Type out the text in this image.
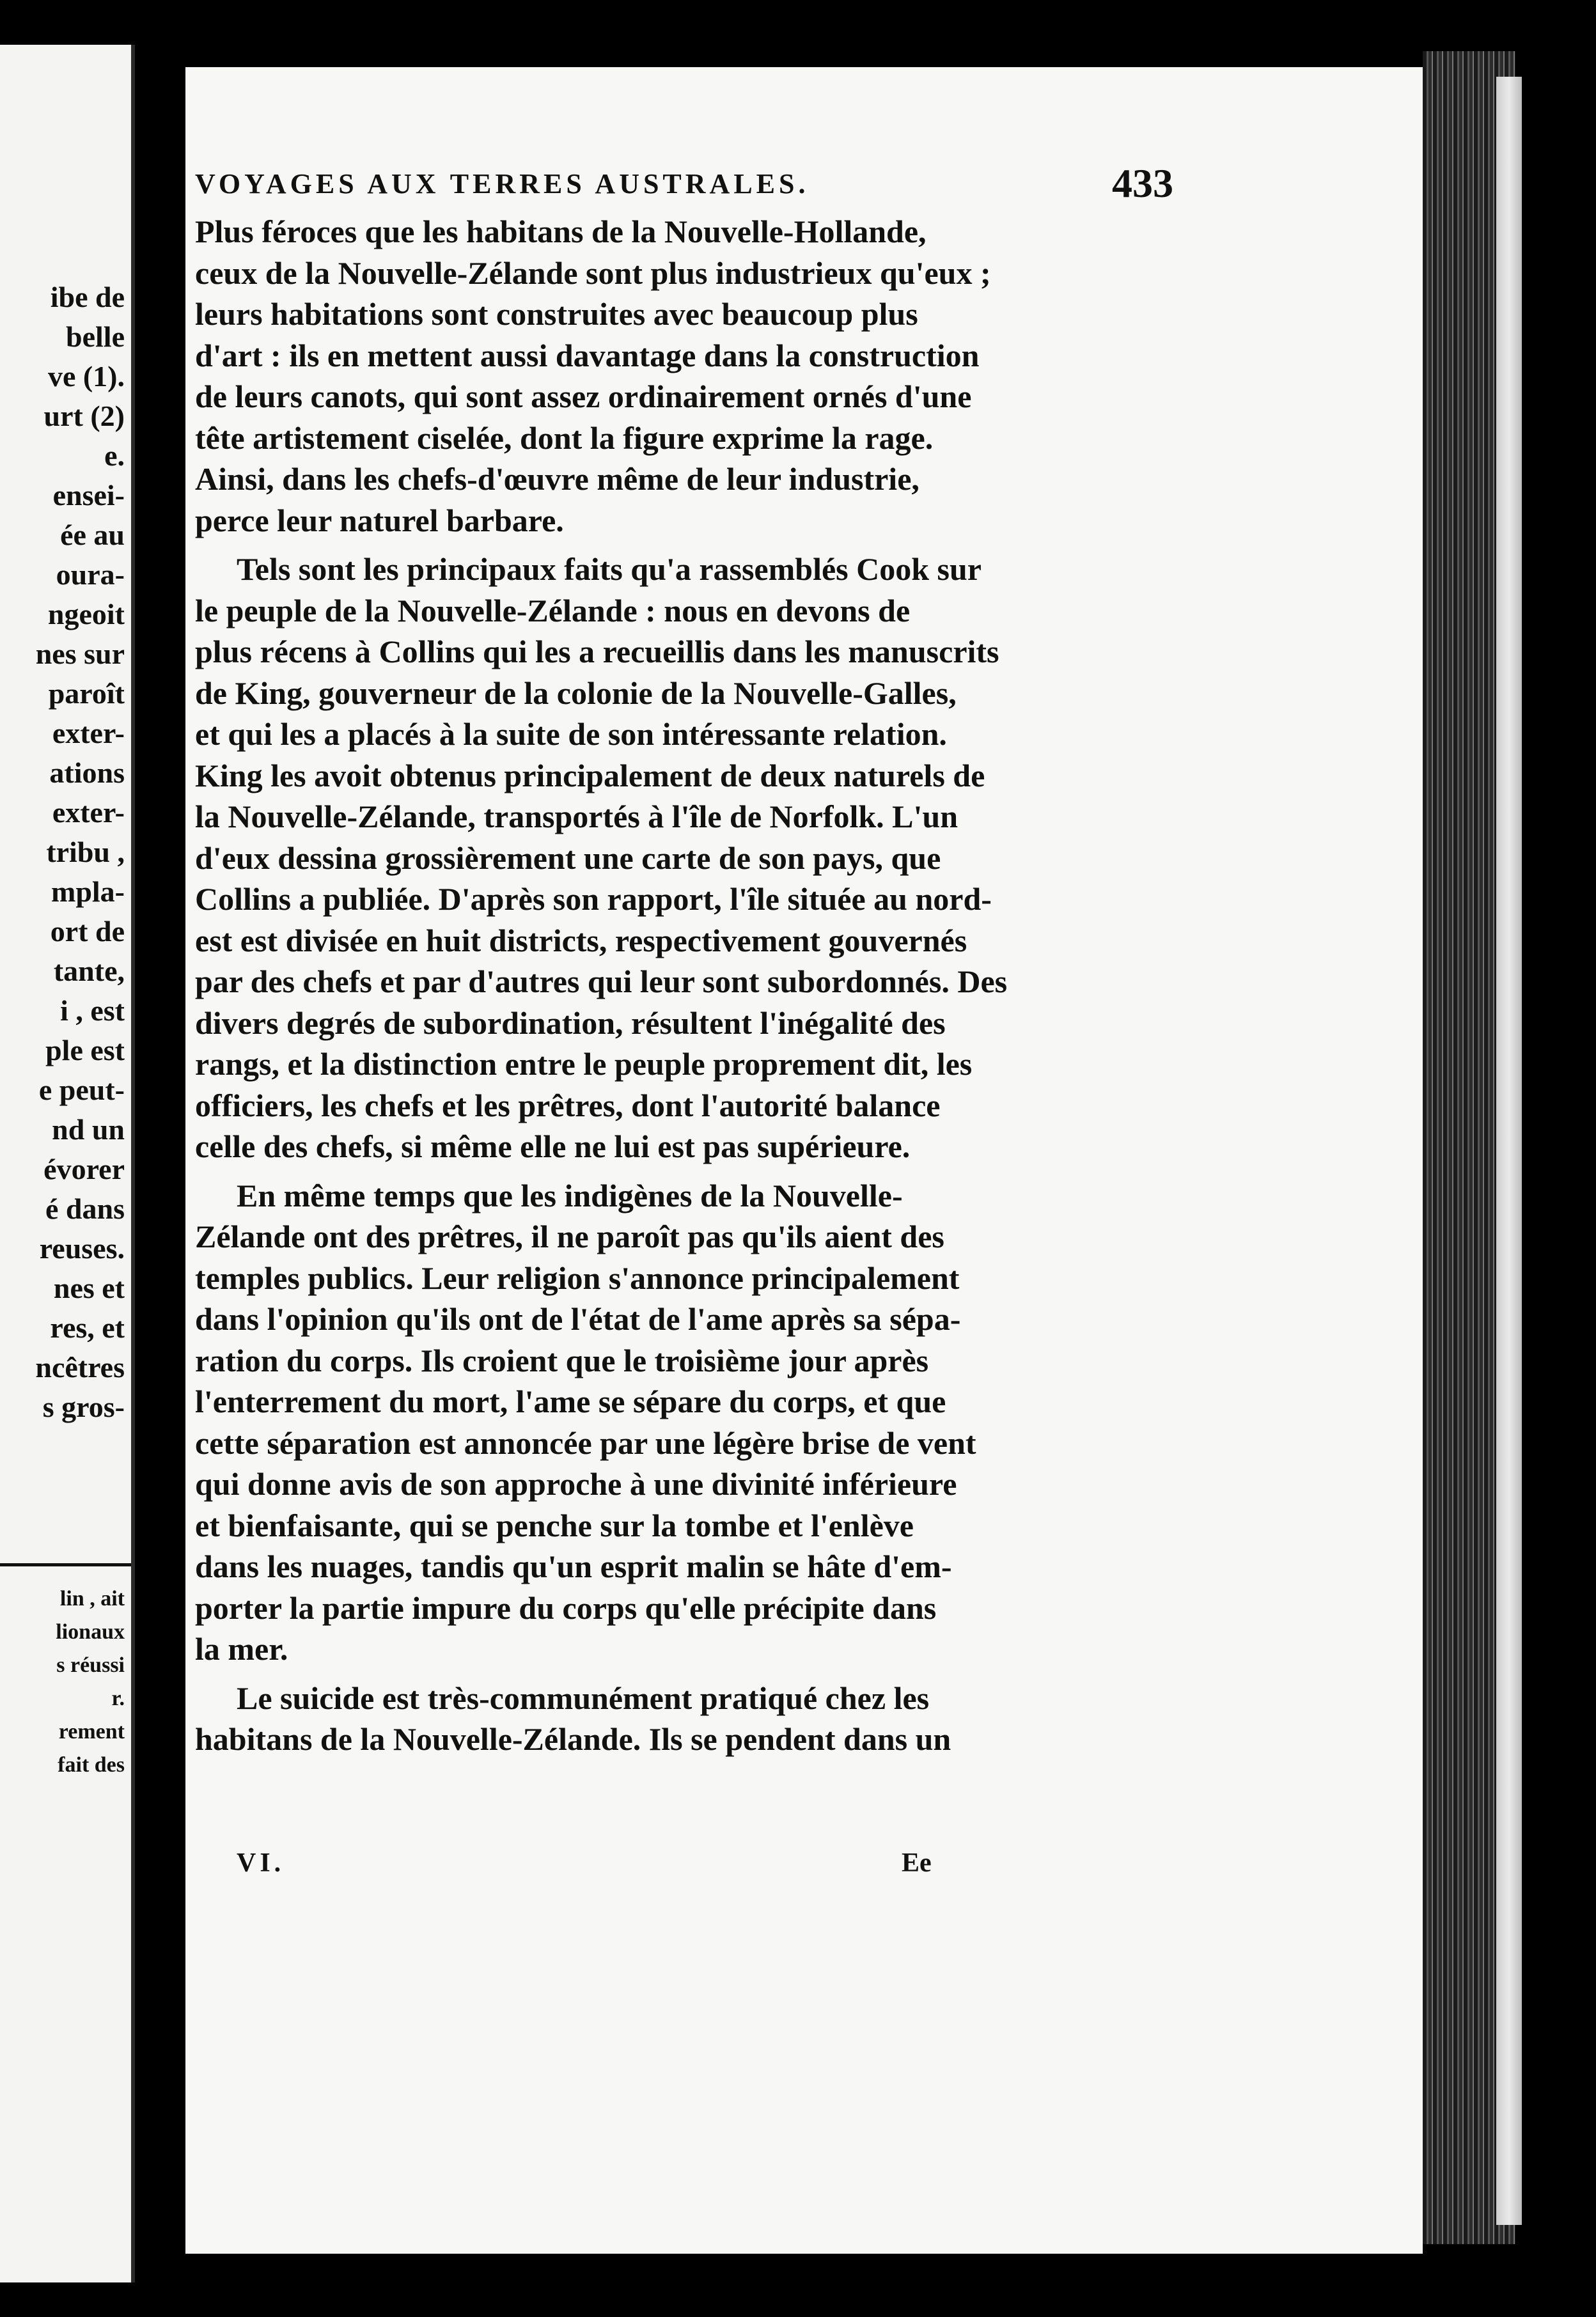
ibe de
belle
ve (1).
urt (2)
e.
ensei-
ée au
oura-
ngeoit
nes sur
paroît
exter-
ations
exter-
tribu ,
mpla-
ort de
tante,
i , est
ple est
e peut-
nd un
évorer
é dans
reuses.
nes et
res, et
ncêtres
s gros-
lin , ait
lionaux
s réussi
r.
rement
fait des
VOYAGES AUX TERRES AUSTRALES.	433
Plus féroces que les habitans de la Nouvelle-Hollande,
ceux de la Nouvelle-Zélande sont plus industrieux qu'eux ;
leurs habitations sont construites avec beaucoup plus
d'art : ils en mettent aussi davantage dans la construction
de leurs canots, qui sont assez ordinairement ornés d'une
tête artistement ciselée, dont la figure exprime la rage.
Ainsi, dans les chefs-d'œuvre même de leur industrie,
perce leur naturel barbare.
Tels sont les principaux faits qu'a rassemblés Cook sur
le peuple de la Nouvelle-Zélande : nous en devons de
plus récens à Collins qui les a recueillis dans les manuscrits
de King, gouverneur de la colonie de la Nouvelle-Galles,
et qui les a placés à la suite de son intéressante relation.
King les avoit obtenus principalement de deux naturels de
la Nouvelle-Zélande, transportés à l'île de Norfolk. L'un
d'eux dessina grossièrement une carte de son pays, que
Collins a publiée. D'après son rapport, l'île située au nord-
est est divisée en huit districts, respectivement gouvernés
par des chefs et par d'autres qui leur sont subordonnés. Des
divers degrés de subordination, résultent l'inégalité des
rangs, et la distinction entre le peuple proprement dit, les
officiers, les chefs et les prêtres, dont l'autorité balance
celle des chefs, si même elle ne lui est pas supérieure.
En même temps que les indigènes de la Nouvelle-
Zélande ont des prêtres, il ne paroît pas qu'ils aient des
temples publics. Leur religion s'annonce principalement
dans l'opinion qu'ils ont de l'état de l'ame après sa sépa-
ration du corps. Ils croient que le troisième jour après
l'enterrement du mort, l'ame se sépare du corps, et que
cette séparation est annoncée par une légère brise de vent
qui donne avis de son approche à une divinité inférieure
et bienfaisante, qui se penche sur la tombe et l'enlève
dans les nuages, tandis qu'un esprit malin se hâte d'em-
porter la partie impure du corps qu'elle précipite dans
la mer.
Le suicide est très-communément pratiqué chez les
habitans de la Nouvelle-Zélande. Ils se pendent dans un
VI.	Ee
